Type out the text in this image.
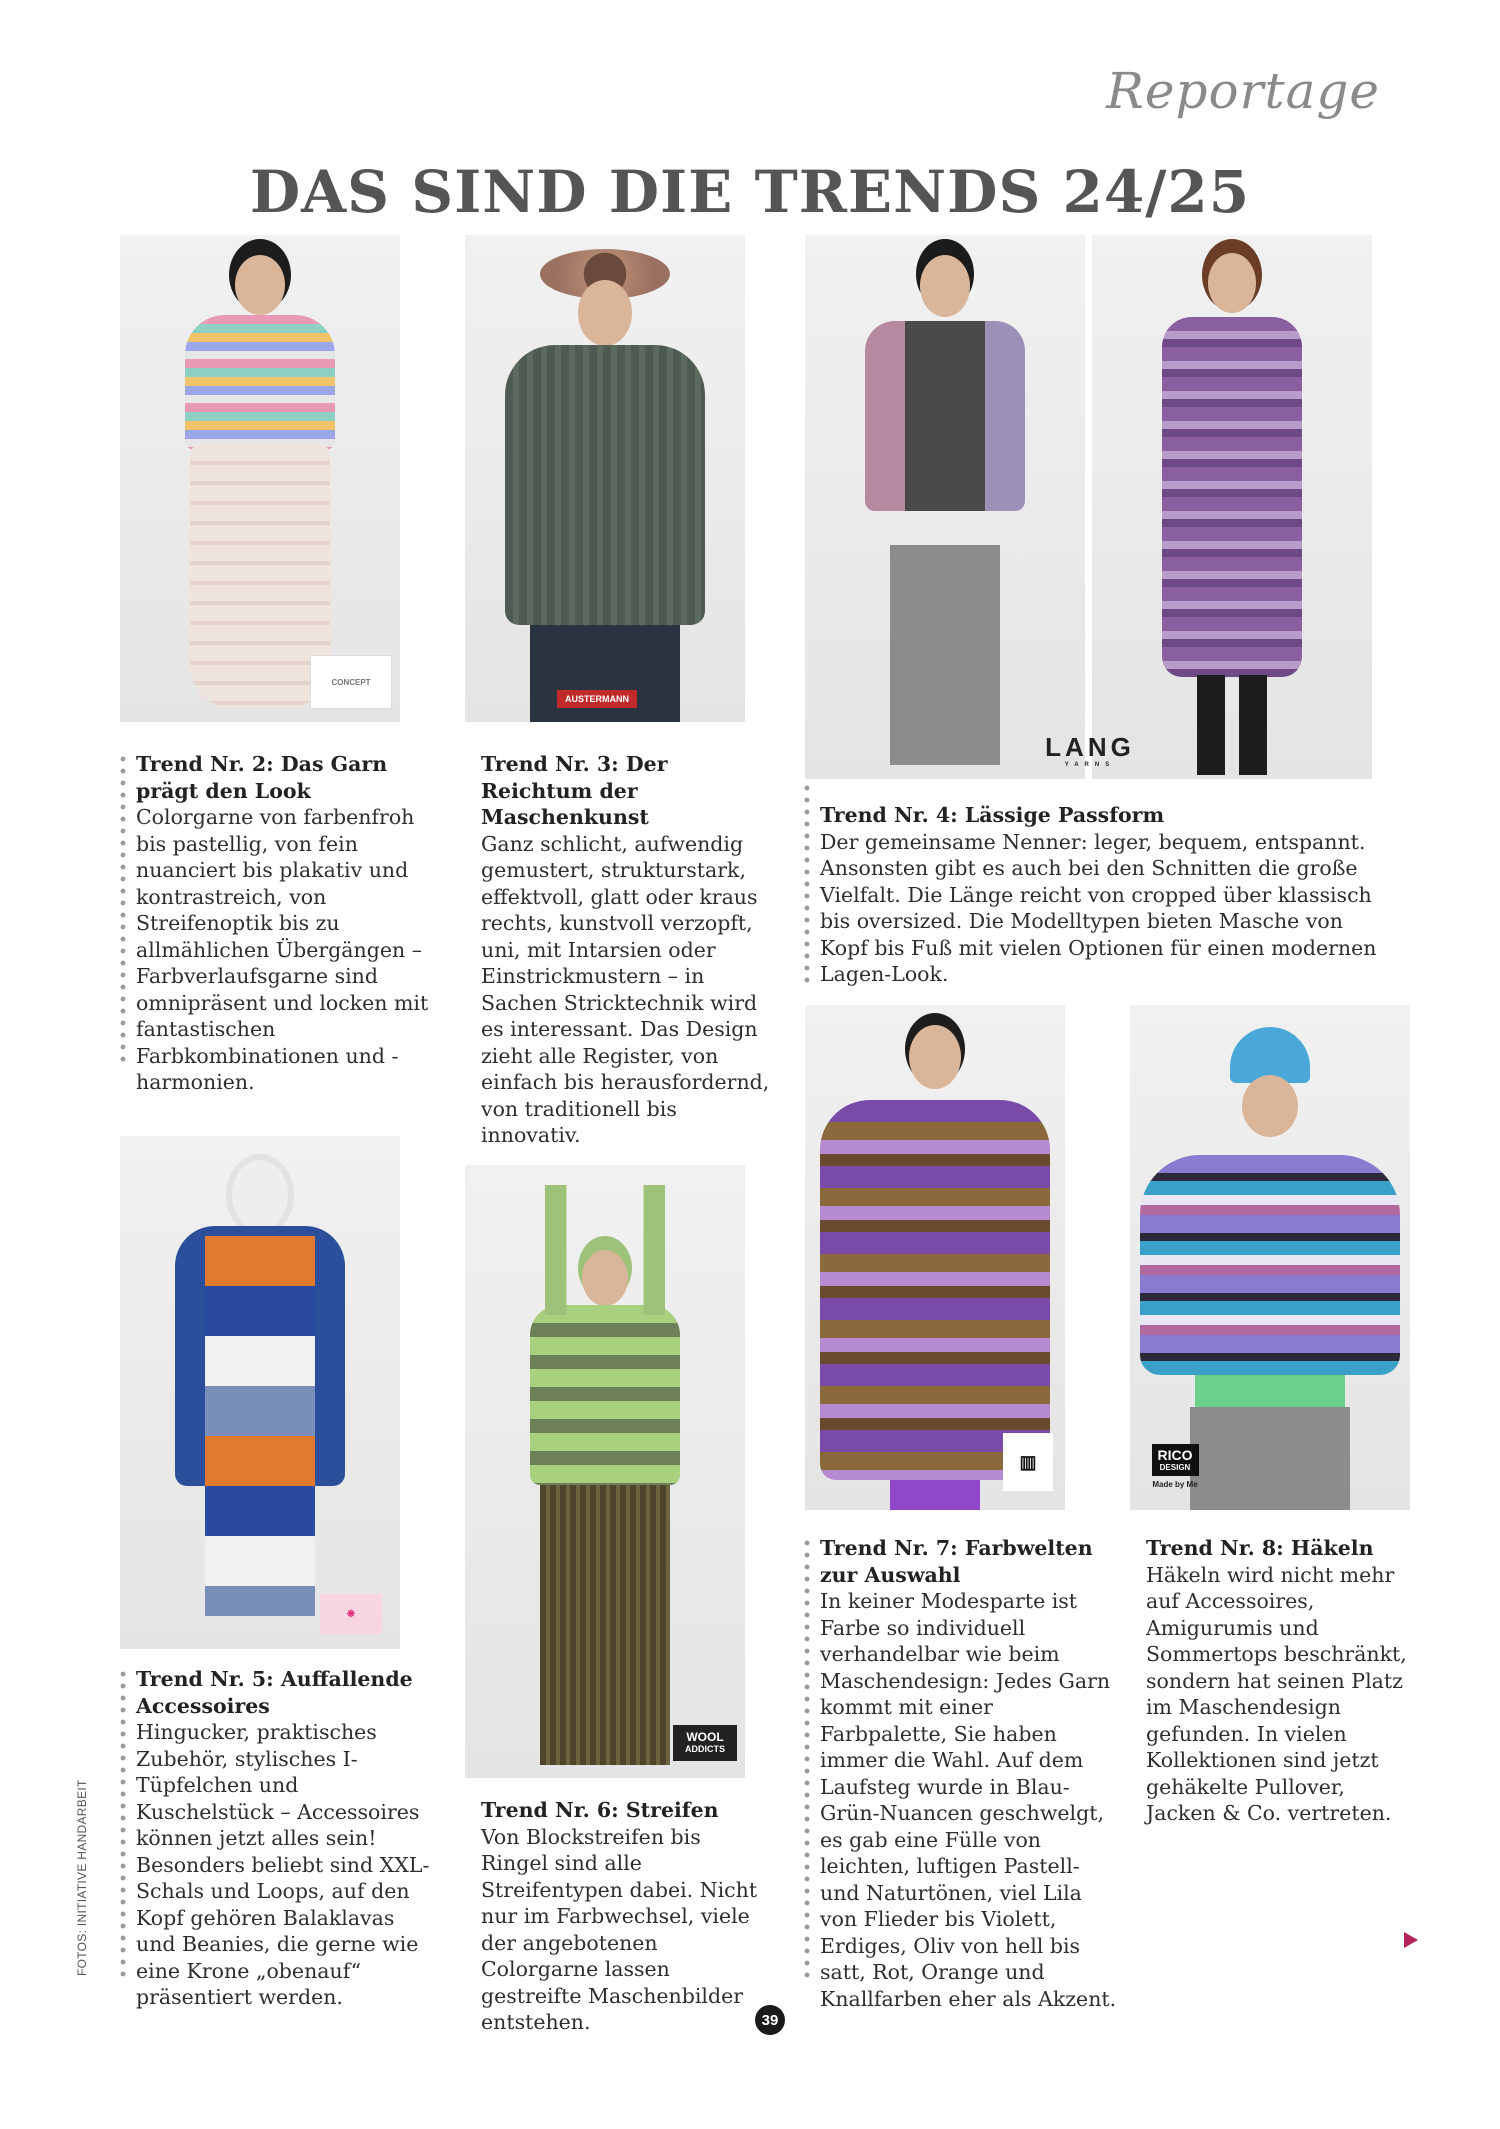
Reportage
DAS SIND DIE TRENDS 24/25
CONCEPT
AUSTERMANN
LANG
YARNS
Trend Nr. 2: Das Garn prägt den Look

Colorgarne von farbenfroh bis pastellig, von fein nuanciert bis plakativ und kontrastreich, von Streifenoptik bis zu allmählichen Übergängen – Farbverlaufsgarne sind omnipräsent und locken mit fantastischen Farbkombinationen und -harmonien.

Trend Nr. 3: Der Reichtum der Maschenkunst

Ganz schlicht, aufwendig gemustert, strukturstark, effektvoll, glatt oder kraus rechts, kunstvoll verzopft, uni, mit Intarsien oder Einstrickmustern – in Sachen Stricktechnik wird es interessant. Das Design zieht alle Register, von einfach bis herausfordernd, von traditionell bis innovativ.

Trend Nr. 4: Lässige Passform

Der gemeinsame Nenner: leger, bequem, entspannt. Ansonsten gibt es auch bei den Schnitten die große Vielfalt. Die Länge reicht von cropped über klassisch bis oversized. Die Modelltypen bieten Masche von Kopf bis Fuß mit vielen Optionen für einen modernen Lagen-Look.

❋
WOOL
ADDICTS
▥	RICO
DESIGN
Made by Me
Trend Nr. 5: Auffallende Accessoires

Hingucker, praktisches Zubehör, stylisches I-Tüpfelchen und Kuschelstück – Accessoires können jetzt alles sein! Besonders beliebt sind XXL-Schals und Loops, auf den Kopf gehören Balaklavas und Beanies, die gerne wie eine Krone „obenauf“ präsentiert werden.

Trend Nr. 6: Streifen

Von Blockstreifen bis Ringel sind alle Streifentypen dabei. Nicht nur im Farbwechsel, viele der angebotenen Colorgarne lassen gestreifte Maschenbilder entstehen.

Trend Nr. 7: Farbwelten zur Auswahl

In keiner Modesparte ist Farbe so individuell verhandelbar wie beim Maschendesign: Jedes Garn kommt mit einer Farbpalette, Sie haben immer die Wahl. Auf dem Laufsteg wurde in Blau-Grün-Nuancen geschwelgt, es gab eine Fülle von leichten, luftigen Pastell- und Naturtönen, viel Lila von Flieder bis Violett, Erdiges, Oliv von hell bis satt, Rot, Orange und Knallfarben eher als Akzent.

Trend Nr. 8: Häkeln

Häkeln wird nicht mehr auf Accessoires, Amigurumis und Sommertops beschränkt, sondern hat seinen Platz im Maschendesign gefunden. In vielen Kollektionen sind jetzt gehäkelte Pullover, Jacken & Co. vertreten.

FOTOS: INITIATIVE HANDARBEIT
39
